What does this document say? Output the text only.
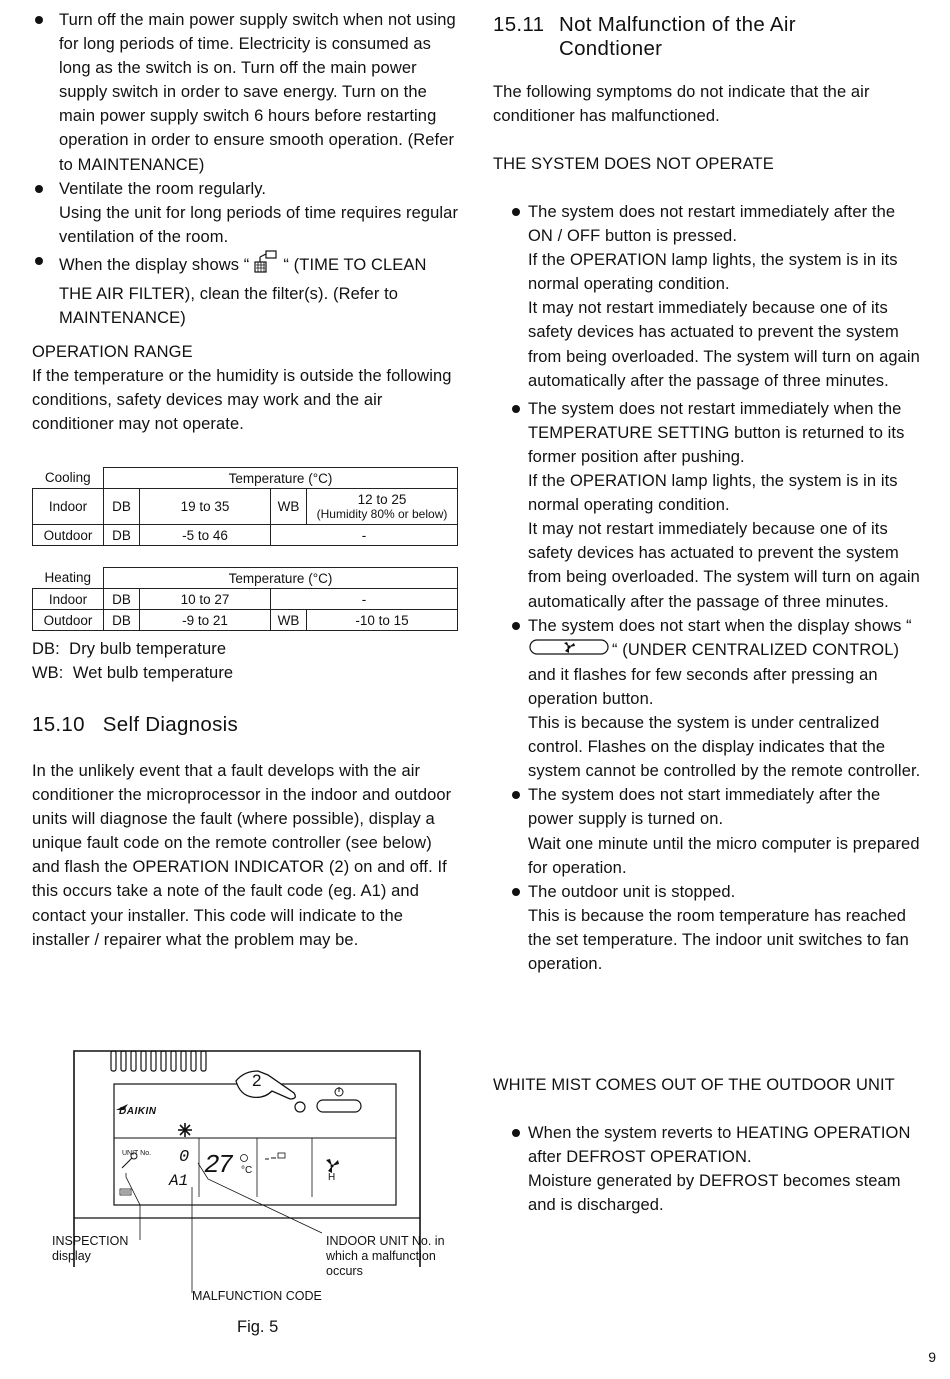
Turn off the main power supply switch when not using for long periods of time. Electricity is consumed as long as the switch is on. Turn off the main power supply switch in order to save energy. Turn on the main power supply switch 6 hours before restarting operation in order to ensure smooth operation. (Refer to MAINTENANCE)

Ventilate the room regularly.

Using the unit for long periods of time requires regular ventilation of the room.

When the display shows “ “ (TIME TO CLEAN THE AIR FILTER), clean the filter(s). (Refer to MAINTENANCE)

OPERATION RANGE

If the temperature or the humidity is outside the following conditions, safety devices may work and the air conditioner may not operate.

Cooling	Temperature (°C)			
Indoor	DB	19 to 35	WB	12 to 25
(Humidity 80% or below)

Outdoor	DB	-5 to 46	-	
Heating	Temperature (°C)			
Indoor	DB	10 to 27	-	
Outdoor	DB	-9 to 21	WB	-10 to 15

DB:  Dry bulb temperature

WB:  Wet bulb temperature

15.10   Self Diagnosis

In the unlikely event that a fault develops with the air conditioner the microprocessor in the indoor and outdoor units will diagnose the fault (where possible), display a unique fault code on the remote controller (see below) and flash the OPERATION INDICATOR (2) on and off. If this occurs take a note of the fault code (eg. A1) and contact your installer. This code will indicate to the installer / repairer what the problem may be.

DAIKIN
2
UNIT No. 0 27 °C
A1	H
INSPECTION display
INDOOR UNIT No. in which a malfunction occurs
MALFUNCTION CODE
Fig. 5
15.11 Not Malfunction of the Air
Condtioner

The following symptoms do not indicate that the air conditioner has malfunctioned.

THE SYSTEM DOES NOT OPERATE

The system does not restart immediately after the ON / OFF button is pressed.

If the OPERATION lamp lights, the system is in its normal operating condition.

It may not restart immediately because one of its safety devices has actuated to prevent the system from being overloaded. The system will turn on again automatically after the passage of three minutes.

The system does not restart immediately when the TEMPERATURE SETTING button is returned to its former position after pushing.

If the OPERATION lamp lights, the system is in its normal operating condition.

It may not restart immediately because one of its safety devices has actuated to prevent the system from being overloaded. The system will turn on again automatically after the passage of three minutes.

The system does not start when the display shows ““ (UNDER CENTRALIZED CONTROL) and it flashes for few seconds after pressing an operation button.

This is because the system is under centralized control. Flashes on the display indicates that the system cannot be controlled by the remote controller.

The system does not start immediately after the power supply is turned on.

Wait one minute until the micro computer is prepared for operation.

The outdoor unit is stopped.

This is because the room temperature has reached the set temperature. The indoor unit switches to fan operation.

WHITE MIST COMES OUT OF THE OUTDOOR UNIT

When the system reverts to HEATING OPERATION after DEFROST OPERATION.

Moisture generated by DEFROST becomes steam and is discharged.

9
